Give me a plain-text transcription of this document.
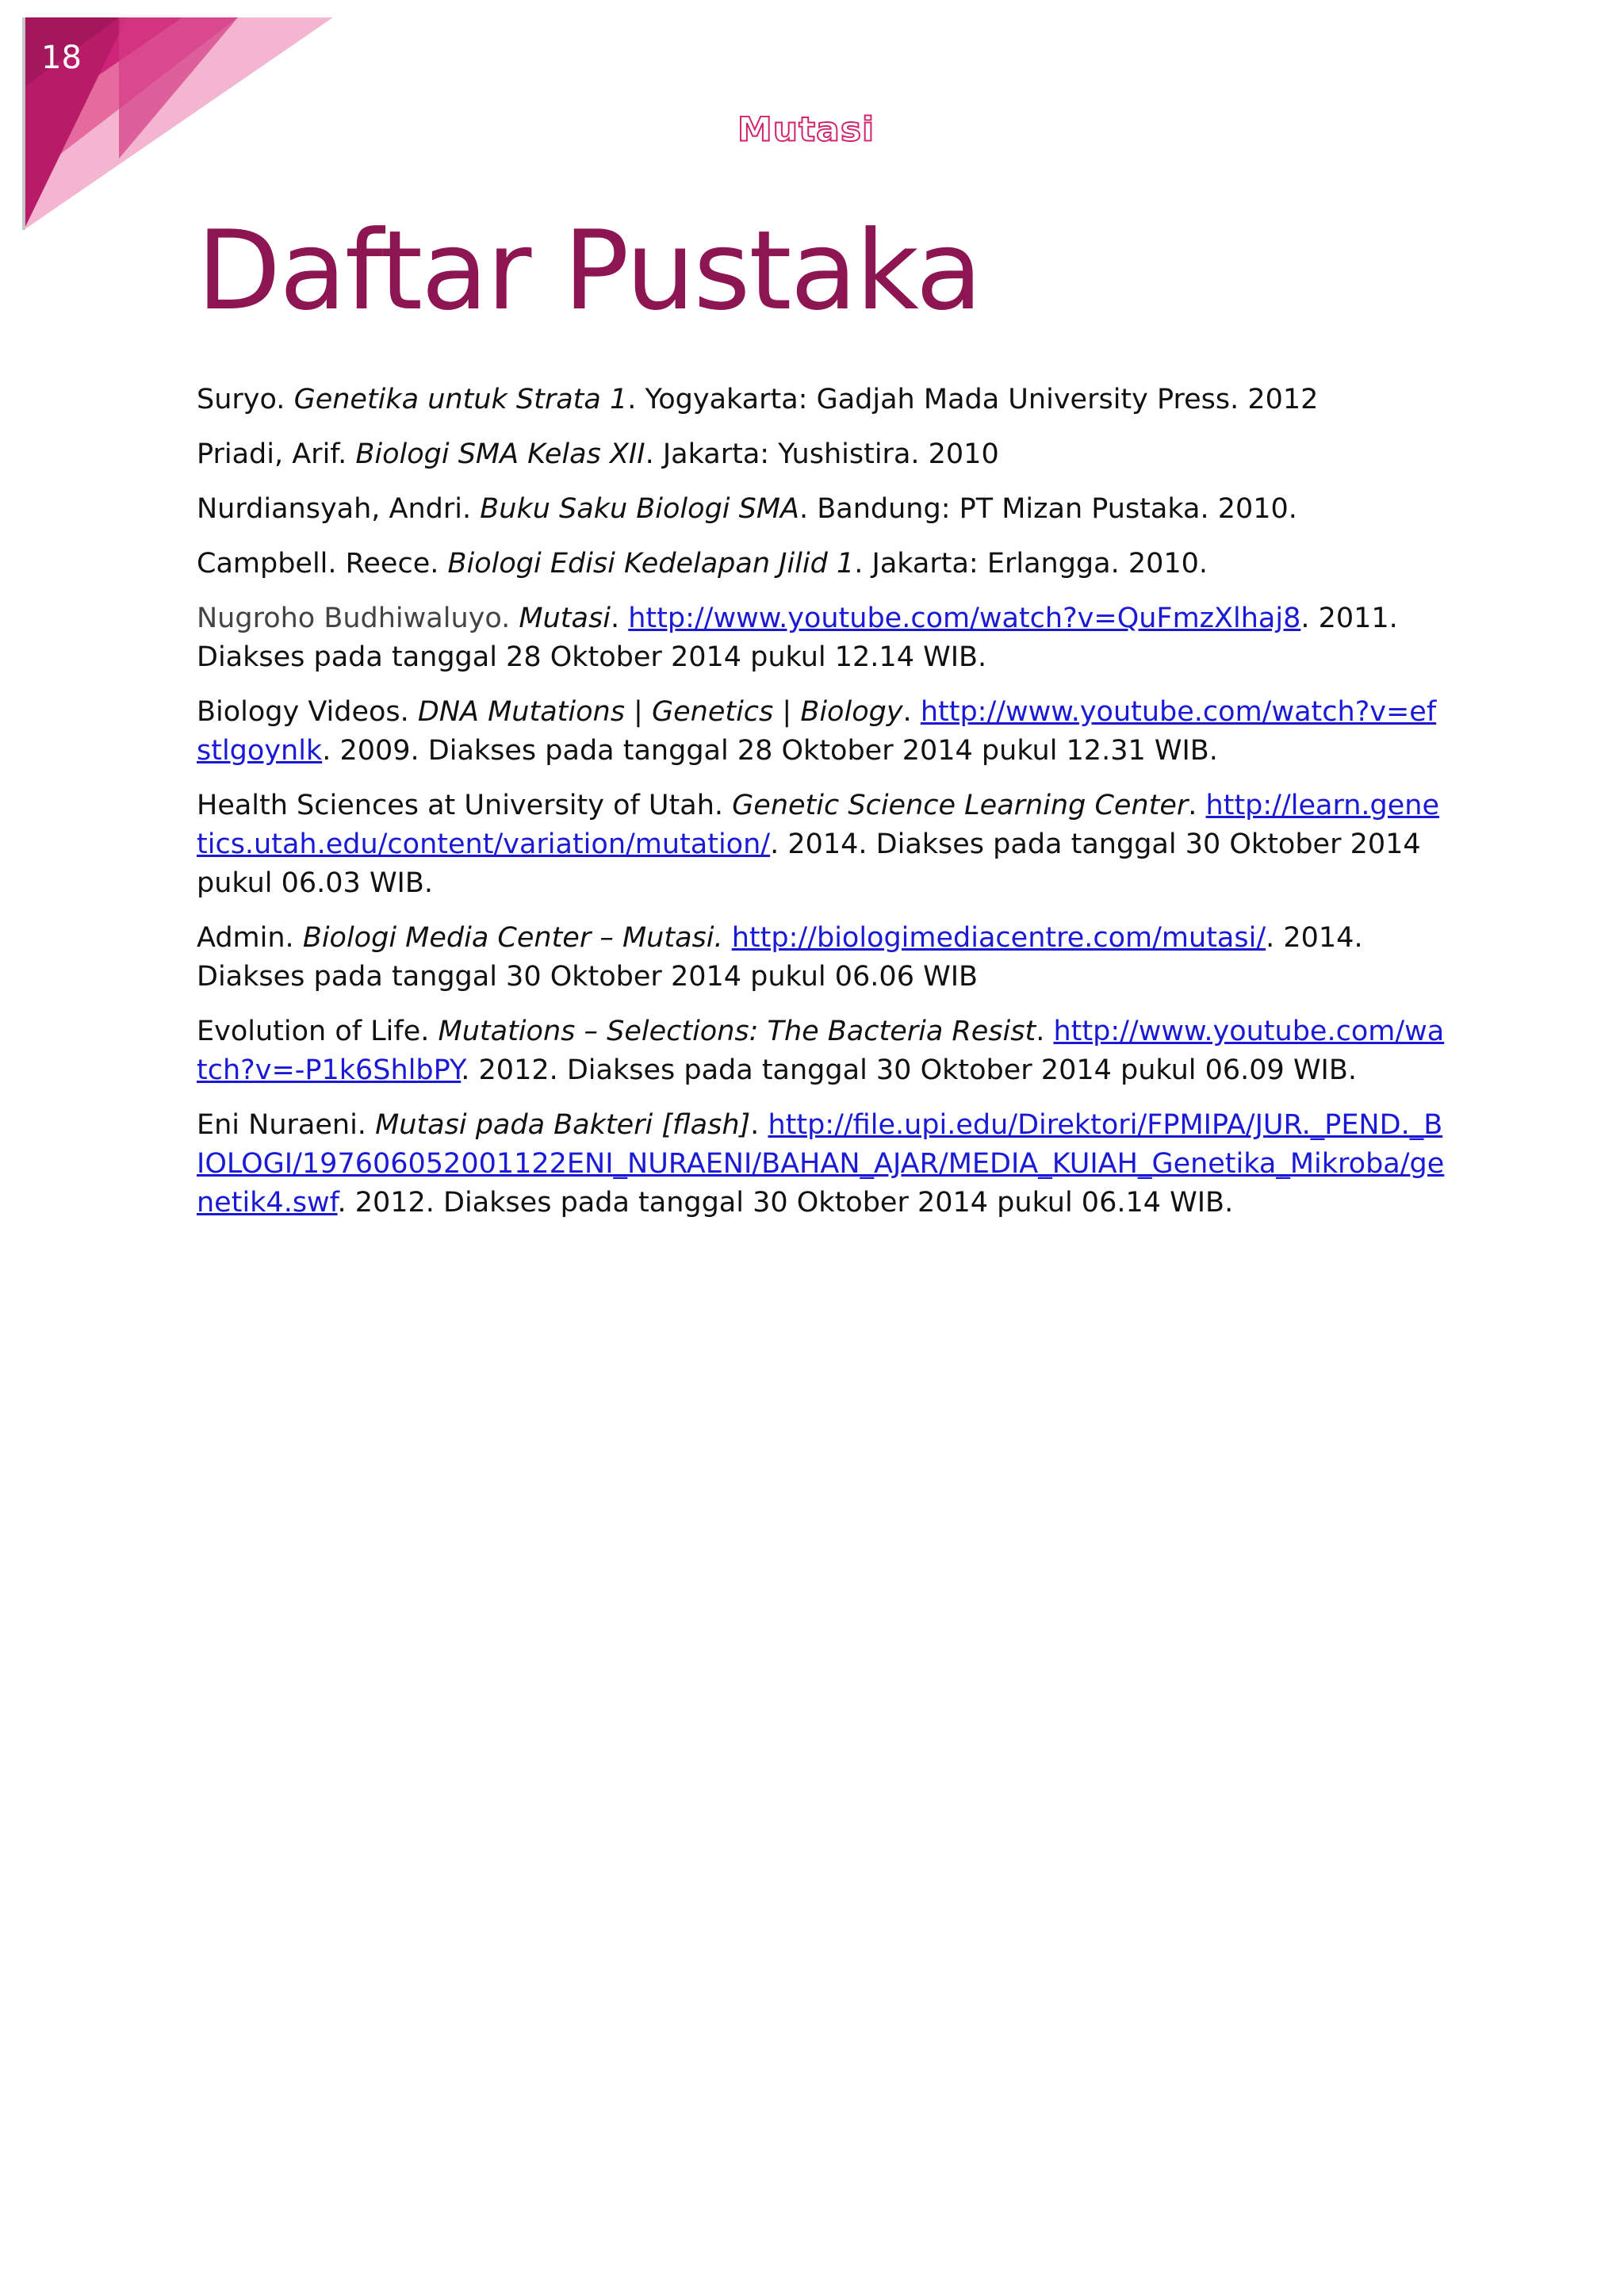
18
Mutasi
Daftar Pustaka
Suryo. Genetika untuk Strata 1. Yogyakarta: Gadjah Mada University Press. 2012
Priadi, Arif. Biologi SMA Kelas XII. Jakarta: Yushistira. 2010
Nurdiansyah, Andri. Buku Saku Biologi SMA. Bandung: PT Mizan Pustaka. 2010.
Campbell. Reece. Biologi Edisi Kedelapan Jilid 1. Jakarta: Erlangga. 2010.
Nugroho Budhiwaluyo. Mutasi. http://www.youtube.com/watch?v=QuFmzXlhaj8. 2011. Diakses pada tanggal 28 Oktober 2014 pukul 12.14 WIB.
Biology Videos. DNA Mutations | Genetics | Biology. http://www.youtube.com/watch?v=efstlgoynlk. 2009. Diakses pada tanggal 28 Oktober 2014 pukul 12.31 WIB.
Health Sciences at University of Utah. Genetic Science Learning Center. http://learn.genetics.utah.edu/content/variation/mutation/. 2014. Diakses pada tanggal 30 Oktober 2014 pukul 06.03 WIB.
Admin. Biologi Media Center – Mutasi. http://biologimediacentre.com/mutasi/. 2014. Diakses pada tanggal 30 Oktober 2014 pukul 06.06 WIB
Evolution of Life. Mutations – Selections: The Bacteria Resist. http://www.youtube.com/watch?v=-P1k6ShlbPY. 2012. Diakses pada tanggal 30 Oktober 2014 pukul 06.09 WIB.
Eni Nuraeni. Mutasi pada Bakteri [flash]. http://file.upi.edu/Direktori/FPMIPA/JUR._PEND._BIOLOGI/197606052001122ENI_NURAENI/BAHAN_AJAR/MEDIA_KUIAH_Genetika_Mikroba/genetik4.swf. 2012. Diakses pada tanggal 30 Oktober 2014 pukul 06.14 WIB.
